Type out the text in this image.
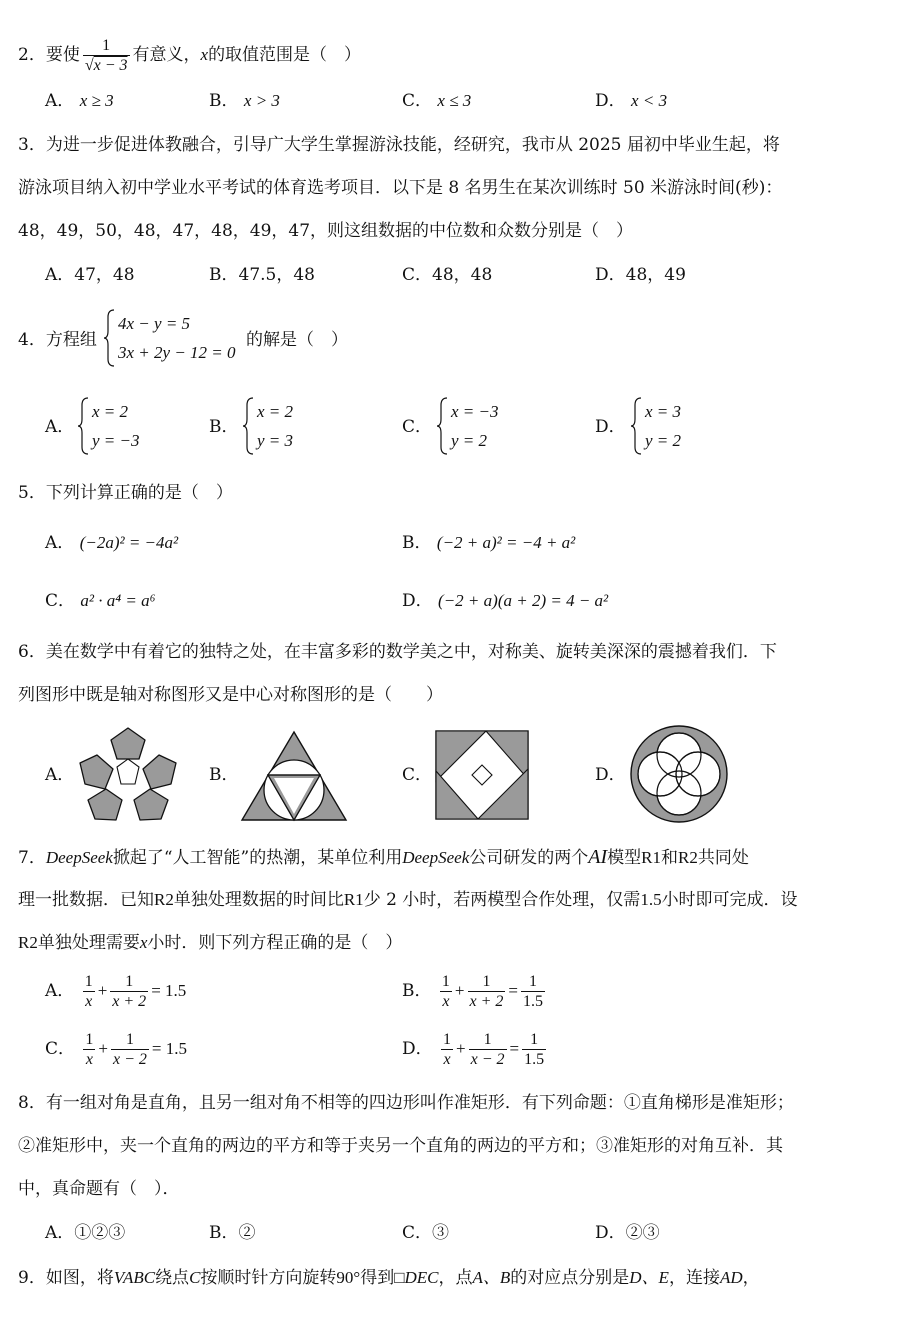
2．要使 $\frac{1}{√x - 3}$ 有意义，x的取值范围是（　）
A． x ≥ 3	B． x > 3	C． x ≤ 3	D． x < 3
3．为进一步促进体教融合，引导广大学生掌握游泳技能，经研究，我市从 2025 届初中毕业生起，将
游泳项目纳入初中学业水平考试的体育选考项目．以下是 8 名男生在某次训练时 50 米游泳时间(秒)：
48，49，50，48，47，48，49，47，则这组数据的中位数和众数分别是（　）
A．47，48	B．47.5，48	C．48，48	D．48，49
4．方程组
4x − y = 5
3x + 2y − 12 = 0
的解是（　）
A．
x = 2
y = −3
B．
x = 2
y = 3
C．
x = −3
y = 2
D．
x = 3
y = 2
5．下列计算正确的是（　）
A． (−2a)² = −4a²	B． (−2 + a)² = −4 + a²
C． a² · a⁴ = a⁶	D． (−2 + a)(a + 2) = 4 − a²
6．美在数学中有着它的独特之处，在丰富多彩的数学美之中，对称美、旋转美深深的震撼着我们．下
列图形中既是轴对称图形又是中心对称图形的是（　　）
A．	B．	C．	D．
7．DeepSeek掀起了“人工智能”的热潮，某单位利用DeepSeek公司研发的两个AI模型R1和R2共同处
理一批数据．已知R2单独处理数据的时间比R1少 2 小时，若两模型合作处理，仅需1.5小时即可完成．设
R2单独处理需要x小时．则下列方程正确的是（　）
A． $\frac{1}{x} + \frac{1}{x + 2} = 1.5$	B． $\frac{1}{x} + \frac{1}{x + 2} = \frac{1}{1.5}$
C． $\frac{1}{x} + \frac{1}{x - 2} = 1.5$	D． $\frac{1}{x} + \frac{1}{x - 2} = \frac{1}{1.5}$
8．有一组对角是直角，且另一组对角不相等的四边形叫作准矩形．有下列命题：①直角梯形是准矩形；
②准矩形中，夹一个直角的两边的平方和等于夹另一个直角的两边的平方和；③准矩形的对角互补．其
中，真命题有（　）．
A．①②③	B．②	C．③	D．②③
9．如图，将VABC绕点C按顺时针方向旋转90°得到□DEC，点A、B的对应点分别是D、E，连接AD，
